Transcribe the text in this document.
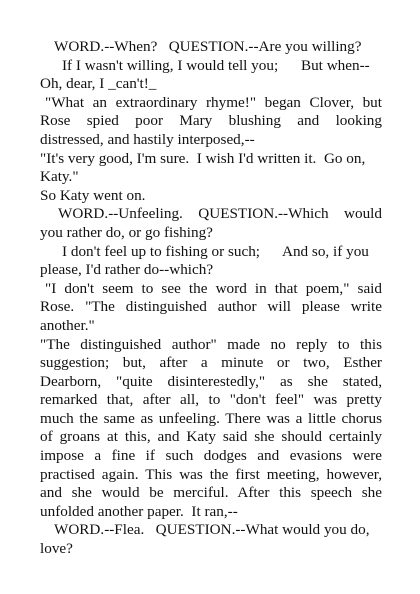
WORD.--When?   QUESTION.--Are you willing?
If I wasn't willing, I would tell you;      But when--
Oh, dear, I _can't!_
"What an extraordinary rhyme!" began Clover, but
Rose spied poor Mary blushing and looking
distressed, and hastily interposed,--
"It's very good, I'm sure.  I wish I'd written it.  Go on,
Katy."
So Katy went on.
WORD.--Unfeeling. QUESTION.--Which would
you rather do, or go fishing?
I don't feel up to fishing or such;      And so, if you
please, I'd rather do--which?
"I don't seem to see the word in that poem," said
Rose. "The distinguished author will please write
another."
"The distinguished author" made no reply to this
suggestion; but, after a minute or two, Esther
Dearborn, "quite disinterestedly," as she stated,
remarked that, after all, to "don't feel" was pretty
much the same as unfeeling. There was a little chorus
of groans at this, and Katy said she should certainly
impose a fine if such dodges and evasions were
practised again. This was the first meeting, however,
and she would be merciful. After this speech she
unfolded another paper.  It ran,--
WORD.--Flea.   QUESTION.--What would you do,
love?
